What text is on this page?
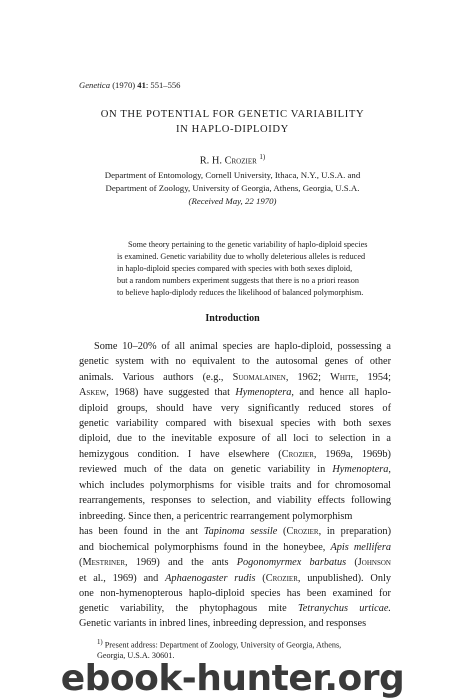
Genetica (1970) 41: 551–556
ON THE POTENTIAL FOR GENETIC VARIABILITY
IN HAPLO-DIPLOIDY
R. H. Crozier $^{1)}$
Department of Entomology, Cornell University, Ithaca, N.Y., U.S.A. and
Department of Zoology, University of Georgia, Athens, Georgia, U.S.A.
(Received May, 22 1970)
Some theory pertaining to the genetic variability of haplo-diploid species
is examined. Genetic variability due to wholly deleterious alleles is reduced
in haplo-diploid species compared with species with both sexes diploid,
but a random numbers experiment suggests that there is no a priori reason
to believe haplo-diplody reduces the likelihood of balanced polymorphism.
Introduction
Some 10–20% of all animal species are haplo-diploid, possessing a
genetic system with no equivalent to the autosomal genes of other
animals. Various authors (e.g., Suomalainen, 1962; White, 1954;
Askew, 1968) have suggested that Hymenoptera, and hence all haplo-
diploid groups, should have very significantly reduced stores of
genetic variability compared with bisexual species with both sexes
diploid, due to the inevitable exposure of all loci to selection in a
hemizygous condition. I have elsewhere (Crozier, 1969a, 1969b)
reviewed much of the data on genetic variability in Hymenoptera,
which includes polymorphisms for visible traits and for chromosomal
rearrangements, responses to selection, and viability effects following
inbreeding. Since then, a pericentric rearrangement polymorphism
has been found in the ant Tapinoma sessile (Crozier, in preparation)
and biochemical polymorphisms found in the honeybee, Apis mellifera
(Mestriner, 1969) and the ants Pogonomyrmex barbatus (Johnson
et al., 1969) and Aphaenogaster rudis (Crozier, unpublished). Only
one non-hymenopterous haplo-diploid species has been examined for
genetic variability, the phytophagous mite Tetranychus urticae.
$^{1)}$ Present address: Department of Zoology, University of Georgia, Athens,
Georgia, U.S.A. 30601.
ebook-hunter.org
Genetic variants in inbred lines, inbreeding depression, and responses
